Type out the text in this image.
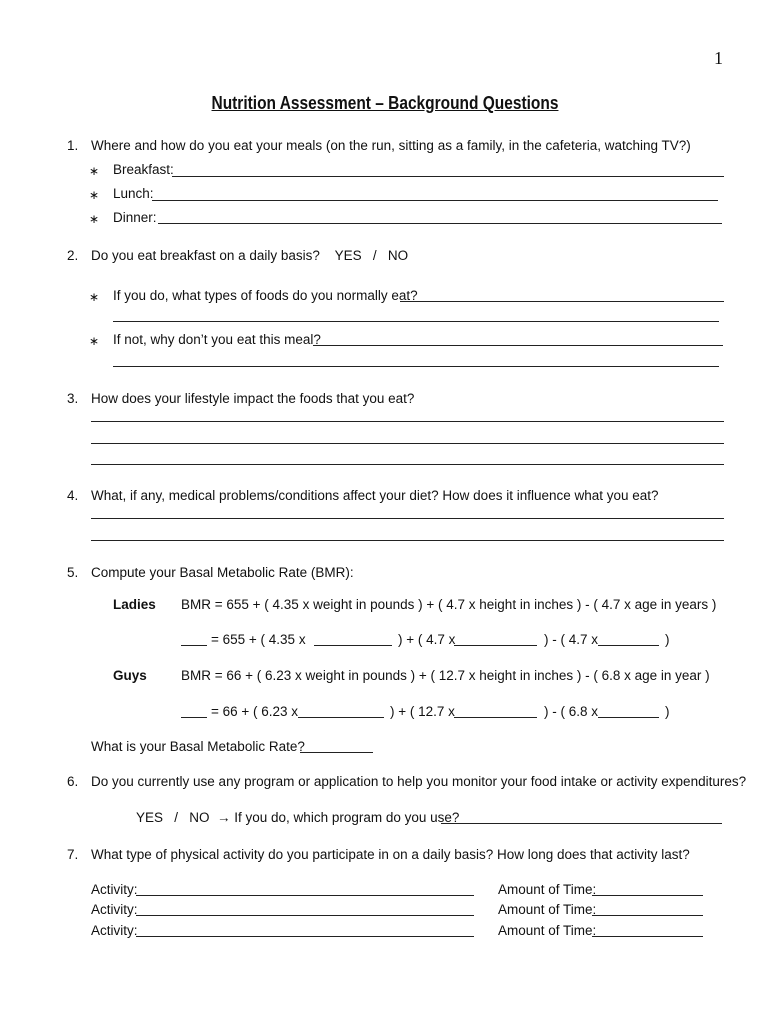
1
Nutrition Assessment – Background Questions
1. Where and how do you eat your meals (on the run, sitting as a family, in the cafeteria, watching TV?)
∗ Breakfast:
∗ Lunch:
∗ Dinner:
2. Do you eat breakfast on a daily basis?    YES   /   NO
∗ If you do, what types of foods do you normally eat?
∗ If not, why don’t you eat this meal?
3. How does your lifestyle impact the foods that you eat?
4. What, if any, medical problems/conditions affect your diet? How does it influence what you eat?
5. Compute your Basal Metabolic Rate (BMR):
Ladies BMR = 655 + ( 4.35 x weight in pounds ) + ( 4.7 x height in inches ) - ( 4.7 x age in years )
= 655 + ( 4.35 x	) + ( 4.7 x	) - ( 4.7 x	)
Guys	BMR = 66 + ( 6.23 x weight in pounds ) + ( 12.7 x height in inches ) - ( 6.8 x age in year )
= 66 + ( 6.23 x	) + ( 12.7 x	) - ( 6.8 x	)
What is your Basal Metabolic Rate?
6. Do you currently use any program or application to help you monitor your food intake or activity expenditures?
YES   /   NO  → If you do, which program do you use?
7. What type of physical activity do you participate in on a daily basis? How long does that activity last?
Activity:	Amount of Time:
Activity:	Amount of Time:
Activity:	Amount of Time:
